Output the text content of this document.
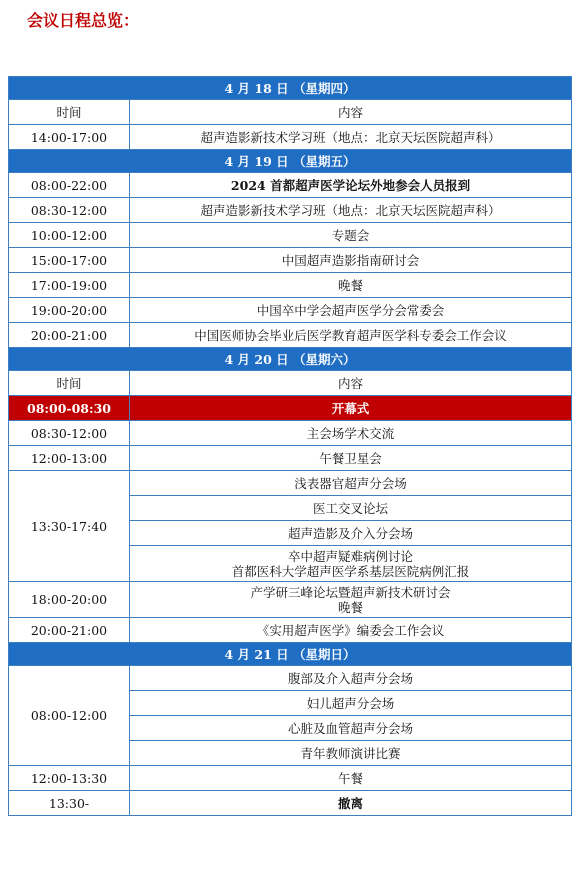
会议日程总览：
4 月 18 日 （星期四）	
时间	内容
14:00-17:00	超声造影新技术学习班（地点：北京天坛医院超声科）
4 月 19 日 （星期五）	
08:00-22:00	2024 首都超声医学论坛外地参会人员报到
08:30-12:00	超声造影新技术学习班（地点：北京天坛医院超声科）
10:00-12:00	专题会
15:00-17:00	中国超声造影指南研讨会
17:00-19:00	晚餐
19:00-20:00	中国卒中学会超声医学分会常委会
20:00-21:00	中国医师协会毕业后医学教育超声医学科专委会工作会议
4 月 20 日 （星期六）	
时间	内容
08:00-08:30	开幕式
08:30-12:00	主会场学术交流
12:00-13:00	午餐卫星会
13:30-17:40	浅表器官超声分会场
	医工交叉论坛
	超声造影及介入分会场
	卒中超声疑难病例讨论
首都医科大学超声医学系基层医院病例汇报
18:00-20:00	产学研三峰论坛暨超声新技术研讨会
晚餐
20:00-21:00	《实用超声医学》编委会工作会议
4 月 21 日 （星期日）	
08:00-12:00	腹部及介入超声分会场
	妇儿超声分会场
	心脏及血管超声分会场
	青年教师演讲比赛
12:00-13:30	午餐
13:30-	撤离
